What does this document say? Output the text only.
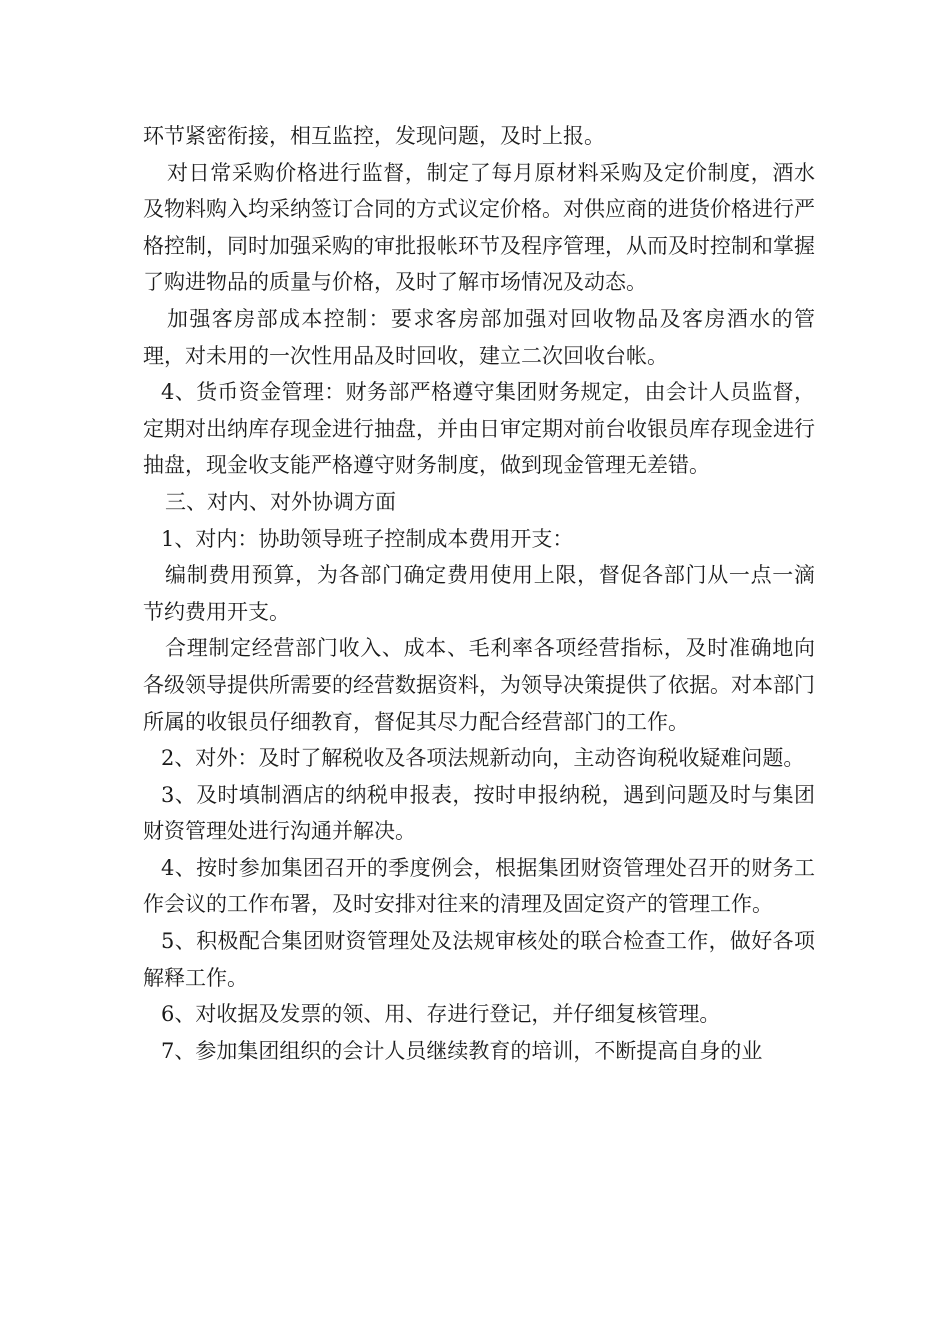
环节紧密衔接，相互监控，发现问题，及时上报。

对日常采购价格进行监督，制定了每月原材料采购及定价制度，酒水及物料购入均采纳签订合同的方式议定价格。对供应商的进货价格进行严格控制，同时加强采购的审批报帐环节及程序管理，从而及时控制和掌握了购进物品的质量与价格，及时了解市场情况及动态。

加强客房部成本控制：要求客房部加强对回收物品及客房酒水的管理，对未用的一次性用品及时回收，建立二次回收台帐。

4、货币资金管理：财务部严格遵守集团财务规定，由会计人员监督，定期对出纳库存现金进行抽盘，并由日审定期对前台收银员库存现金进行抽盘，现金收支能严格遵守财务制度，做到现金管理无差错。

三、对内、对外协调方面

1、对内：协助领导班子控制成本费用开支：

编制费用预算，为各部门确定费用使用上限，督促各部门从一点一滴节约费用开支。

合理制定经营部门收入、成本、毛利率各项经营指标，及时准确地向各级领导提供所需要的经营数据资料，为领导决策提供了依据。对本部门所属的收银员仔细教育，督促其尽力配合经营部门的工作。

2、对外：及时了解税收及各项法规新动向，主动咨询税收疑难问题。

3、及时填制酒店的纳税申报表，按时申报纳税，遇到问题及时与集团财资管理处进行沟通并解决。

4、按时参加集团召开的季度例会，根据集团财资管理处召开的财务工作会议的工作布署，及时安排对往来的清理及固定资产的管理工作。

5、积极配合集团财资管理处及法规审核处的联合检查工作，做好各项解释工作。

6、对收据及发票的领、用、存进行登记，并仔细复核管理。

7、参加集团组织的会计人员继续教育的培训，不断提高自身的业
